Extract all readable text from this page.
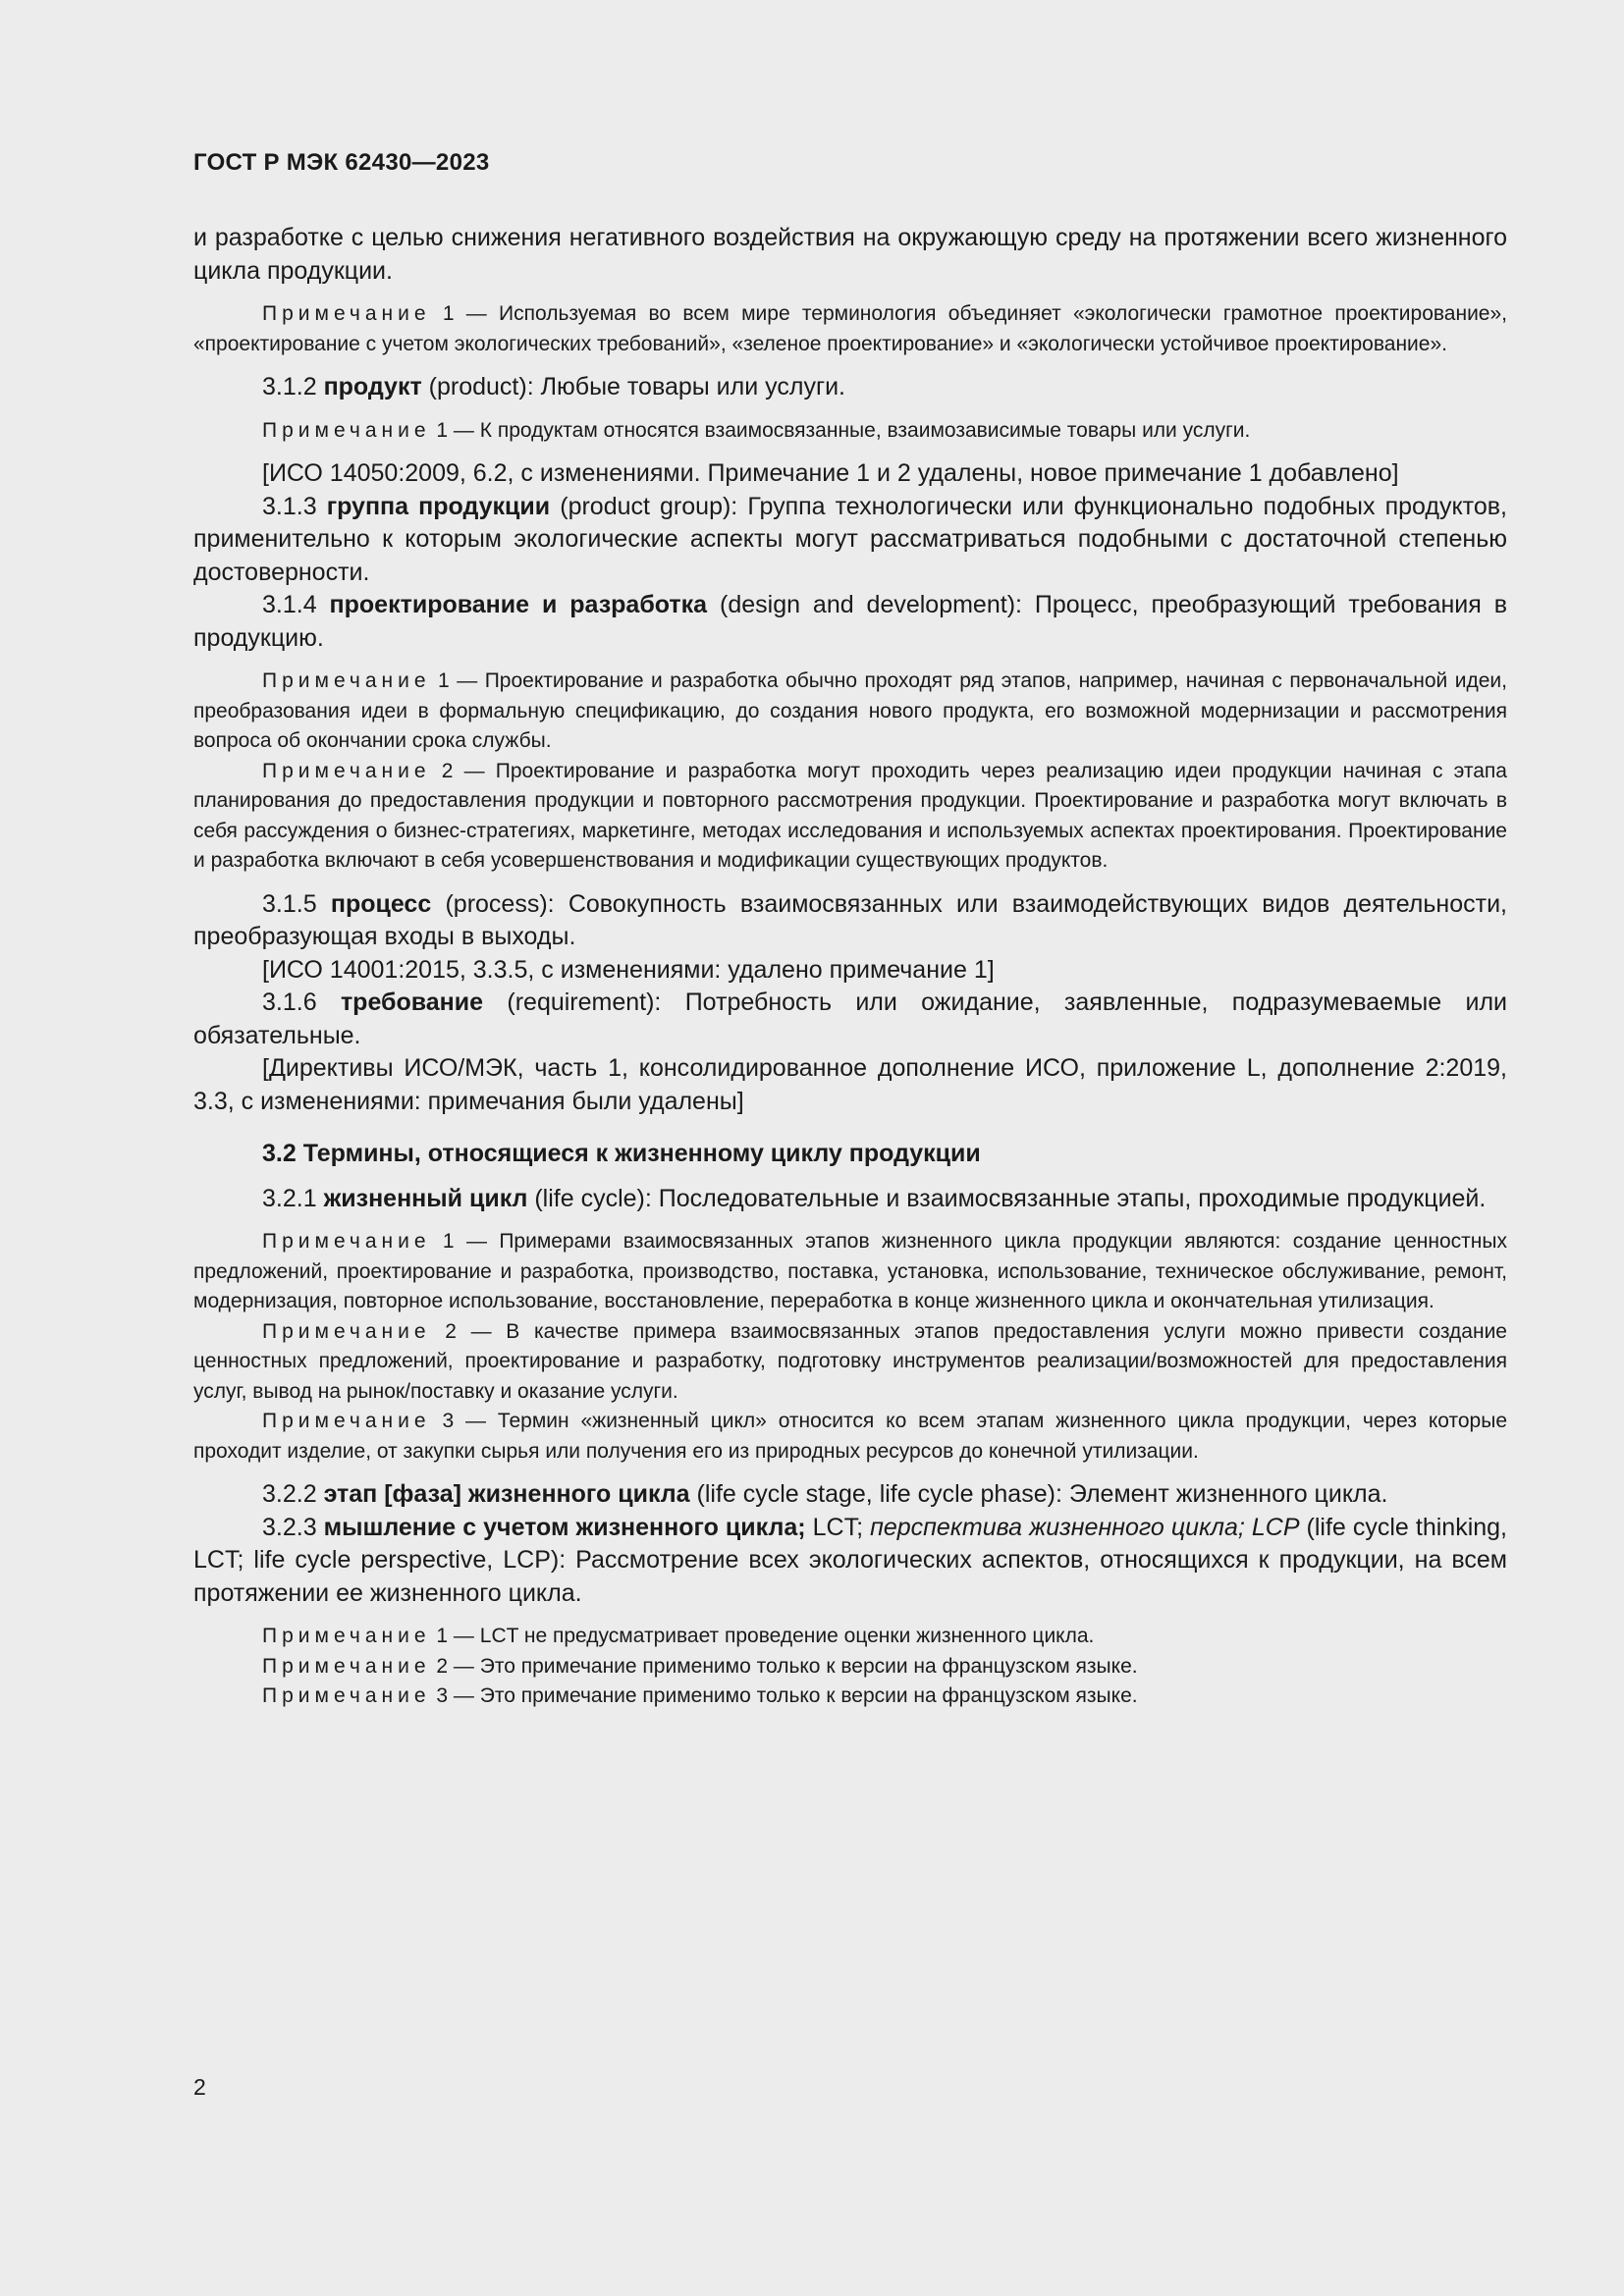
ГОСТ Р МЭК 62430—2023

и разработке с целью снижения негативного воздействия на окружающую среду на протяжении всего жизненного цикла продукции.

Примечание 1 — Используемая во всем мире терминология объединяет «экологически грамотное проектирование», «проектирование с учетом экологических требований», «зеленое проектирование» и «экологически устойчивое проектирование».

3.1.2 продукт (product): Любые товары или услуги.

Примечание 1 — К продуктам относятся взаимосвязанные, взаимозависимые товары или услуги.

[ИСО 14050:2009, 6.2, с изменениями. Примечание 1 и 2 удалены, новое примечание 1 добавлено]

3.1.3 группа продукции (product group): Группа технологически или функционально подобных продуктов, применительно к которым экологические аспекты могут рассматриваться подобными с достаточной степенью достоверности.

3.1.4 проектирование и разработка (design and development): Процесс, преобразующий требования в продукцию.

Примечание 1 — Проектирование и разработка обычно проходят ряд этапов, например, начиная с первоначальной идеи, преобразования идеи в формальную спецификацию, до создания нового продукта, его возможной модернизации и рассмотрения вопроса об окончании срока службы.

Примечание 2 — Проектирование и разработка могут проходить через реализацию идеи продукции начиная с этапа планирования до предоставления продукции и повторного рассмотрения продукции. Проектирование и разработка могут включать в себя рассуждения о бизнес-стратегиях, маркетинге, методах исследования и используемых аспектах проектирования. Проектирование и разработка включают в себя усовершенствования и модификации существующих продуктов.

3.1.5 процесс (process): Совокупность взаимосвязанных или взаимодействующих видов деятельности, преобразующая входы в выходы.

[ИСО 14001:2015, 3.3.5, с изменениями: удалено примечание 1]

3.1.6 требование (requirement): Потребность или ожидание, заявленные, подразумеваемые или обязательные.

[Директивы ИСО/МЭК, часть 1, консолидированное дополнение ИСО, приложение L, дополнение 2:2019, 3.3, с изменениями: примечания были удалены]

3.2 Термины, относящиеся к жизненному циклу продукции

3.2.1 жизненный цикл (life cycle): Последовательные и взаимосвязанные этапы, проходимые продукцией.

Примечание 1 — Примерами взаимосвязанных этапов жизненного цикла продукции являются: создание ценностных предложений, проектирование и разработка, производство, поставка, установка, использование, техническое обслуживание, ремонт, модернизация, повторное использование, восстановление, переработка в конце жизненного цикла и окончательная утилизация.

Примечание 2 — В качестве примера взаимосвязанных этапов предоставления услуги можно привести создание ценностных предложений, проектирование и разработку, подготовку инструментов реализации/возможностей для предоставления услуг, вывод на рынок/поставку и оказание услуги.

Примечание 3 — Термин «жизненный цикл» относится ко всем этапам жизненного цикла продукции, через которые проходит изделие, от закупки сырья или получения его из природных ресурсов до конечной утилизации.

3.2.2 этап [фаза] жизненного цикла (life cycle stage, life cycle phase): Элемент жизненного цикла.

3.2.3 мышление с учетом жизненного цикла; LCT; перспектива жизненного цикла; LCP (life cycle thinking, LCT; life cycle perspective, LCP): Рассмотрение всех экологических аспектов, относящихся к продукции, на всем протяжении ее жизненного цикла.

Примечание 1 — LCT не предусматривает проведение оценки жизненного цикла.

Примечание 2 — Это примечание применимо только к версии на французском языке.

Примечание 3 — Это примечание применимо только к версии на французском языке.

2
